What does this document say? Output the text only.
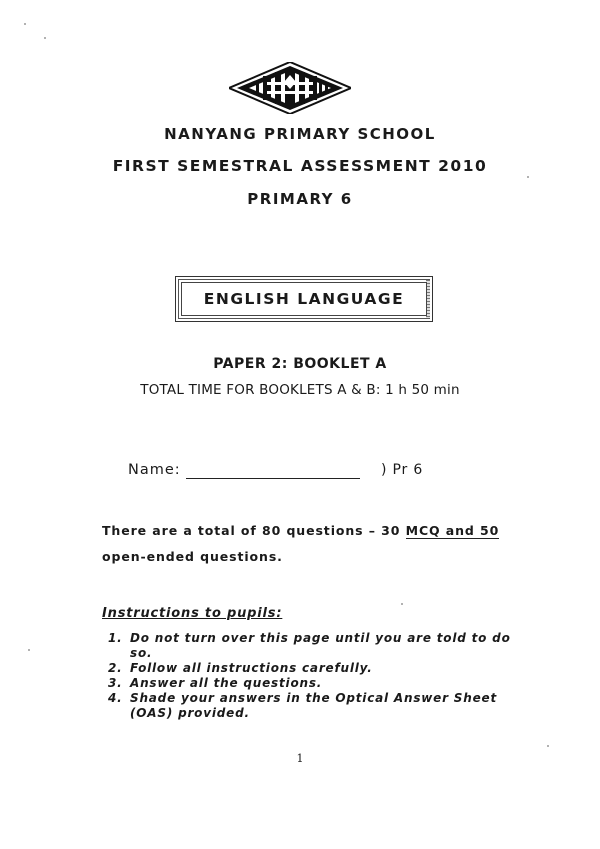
NANYANG PRIMARY SCHOOL
FIRST SEMESTRAL ASSESSMENT 2010
PRIMARY 6
ENGLISH LANGUAGE
PAPER 2: BOOKLET A
TOTAL TIME FOR BOOKLETS A & B: 1 h 50 min
Name:	) Pr 6
There are a total of 80 questions – 30 MCQ and 50
open-ended questions.
Instructions to pupils:
1. Do not turn over this page until you are told to do so.
2. Follow all instructions carefully.
3. Answer all the questions.
4. Shade your answers in the Optical Answer Sheet (OAS) provided.
1
